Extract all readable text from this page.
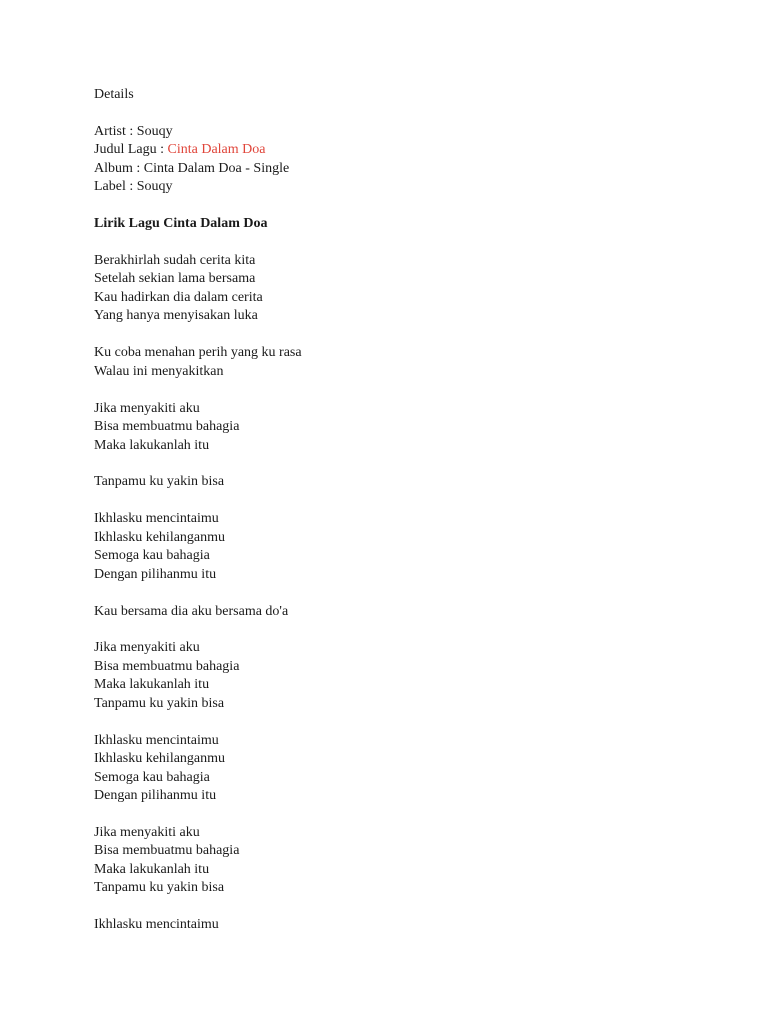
Details
Artist : Souqy
Judul Lagu : Cinta Dalam Doa
Album : Cinta Dalam Doa - Single
Label : Souqy
Lirik Lagu Cinta Dalam Doa
Berakhirlah sudah cerita kita
Setelah sekian lama bersama
Kau hadirkan dia dalam cerita
Yang hanya menyisakan luka
Ku coba menahan perih yang ku rasa
Walau ini menyakitkan
Jika menyakiti aku
Bisa membuatmu bahagia
Maka lakukanlah itu
Tanpamu ku yakin bisa
Ikhlasku mencintaimu
Ikhlasku kehilanganmu
Semoga kau bahagia
Dengan pilihanmu itu
Kau bersama dia aku bersama do'a
Jika menyakiti aku
Bisa membuatmu bahagia
Maka lakukanlah itu
Tanpamu ku yakin bisa
Ikhlasku mencintaimu
Ikhlasku kehilanganmu
Semoga kau bahagia
Dengan pilihanmu itu
Jika menyakiti aku
Bisa membuatmu bahagia
Maka lakukanlah itu
Tanpamu ku yakin bisa
Ikhlasku mencintaimu
